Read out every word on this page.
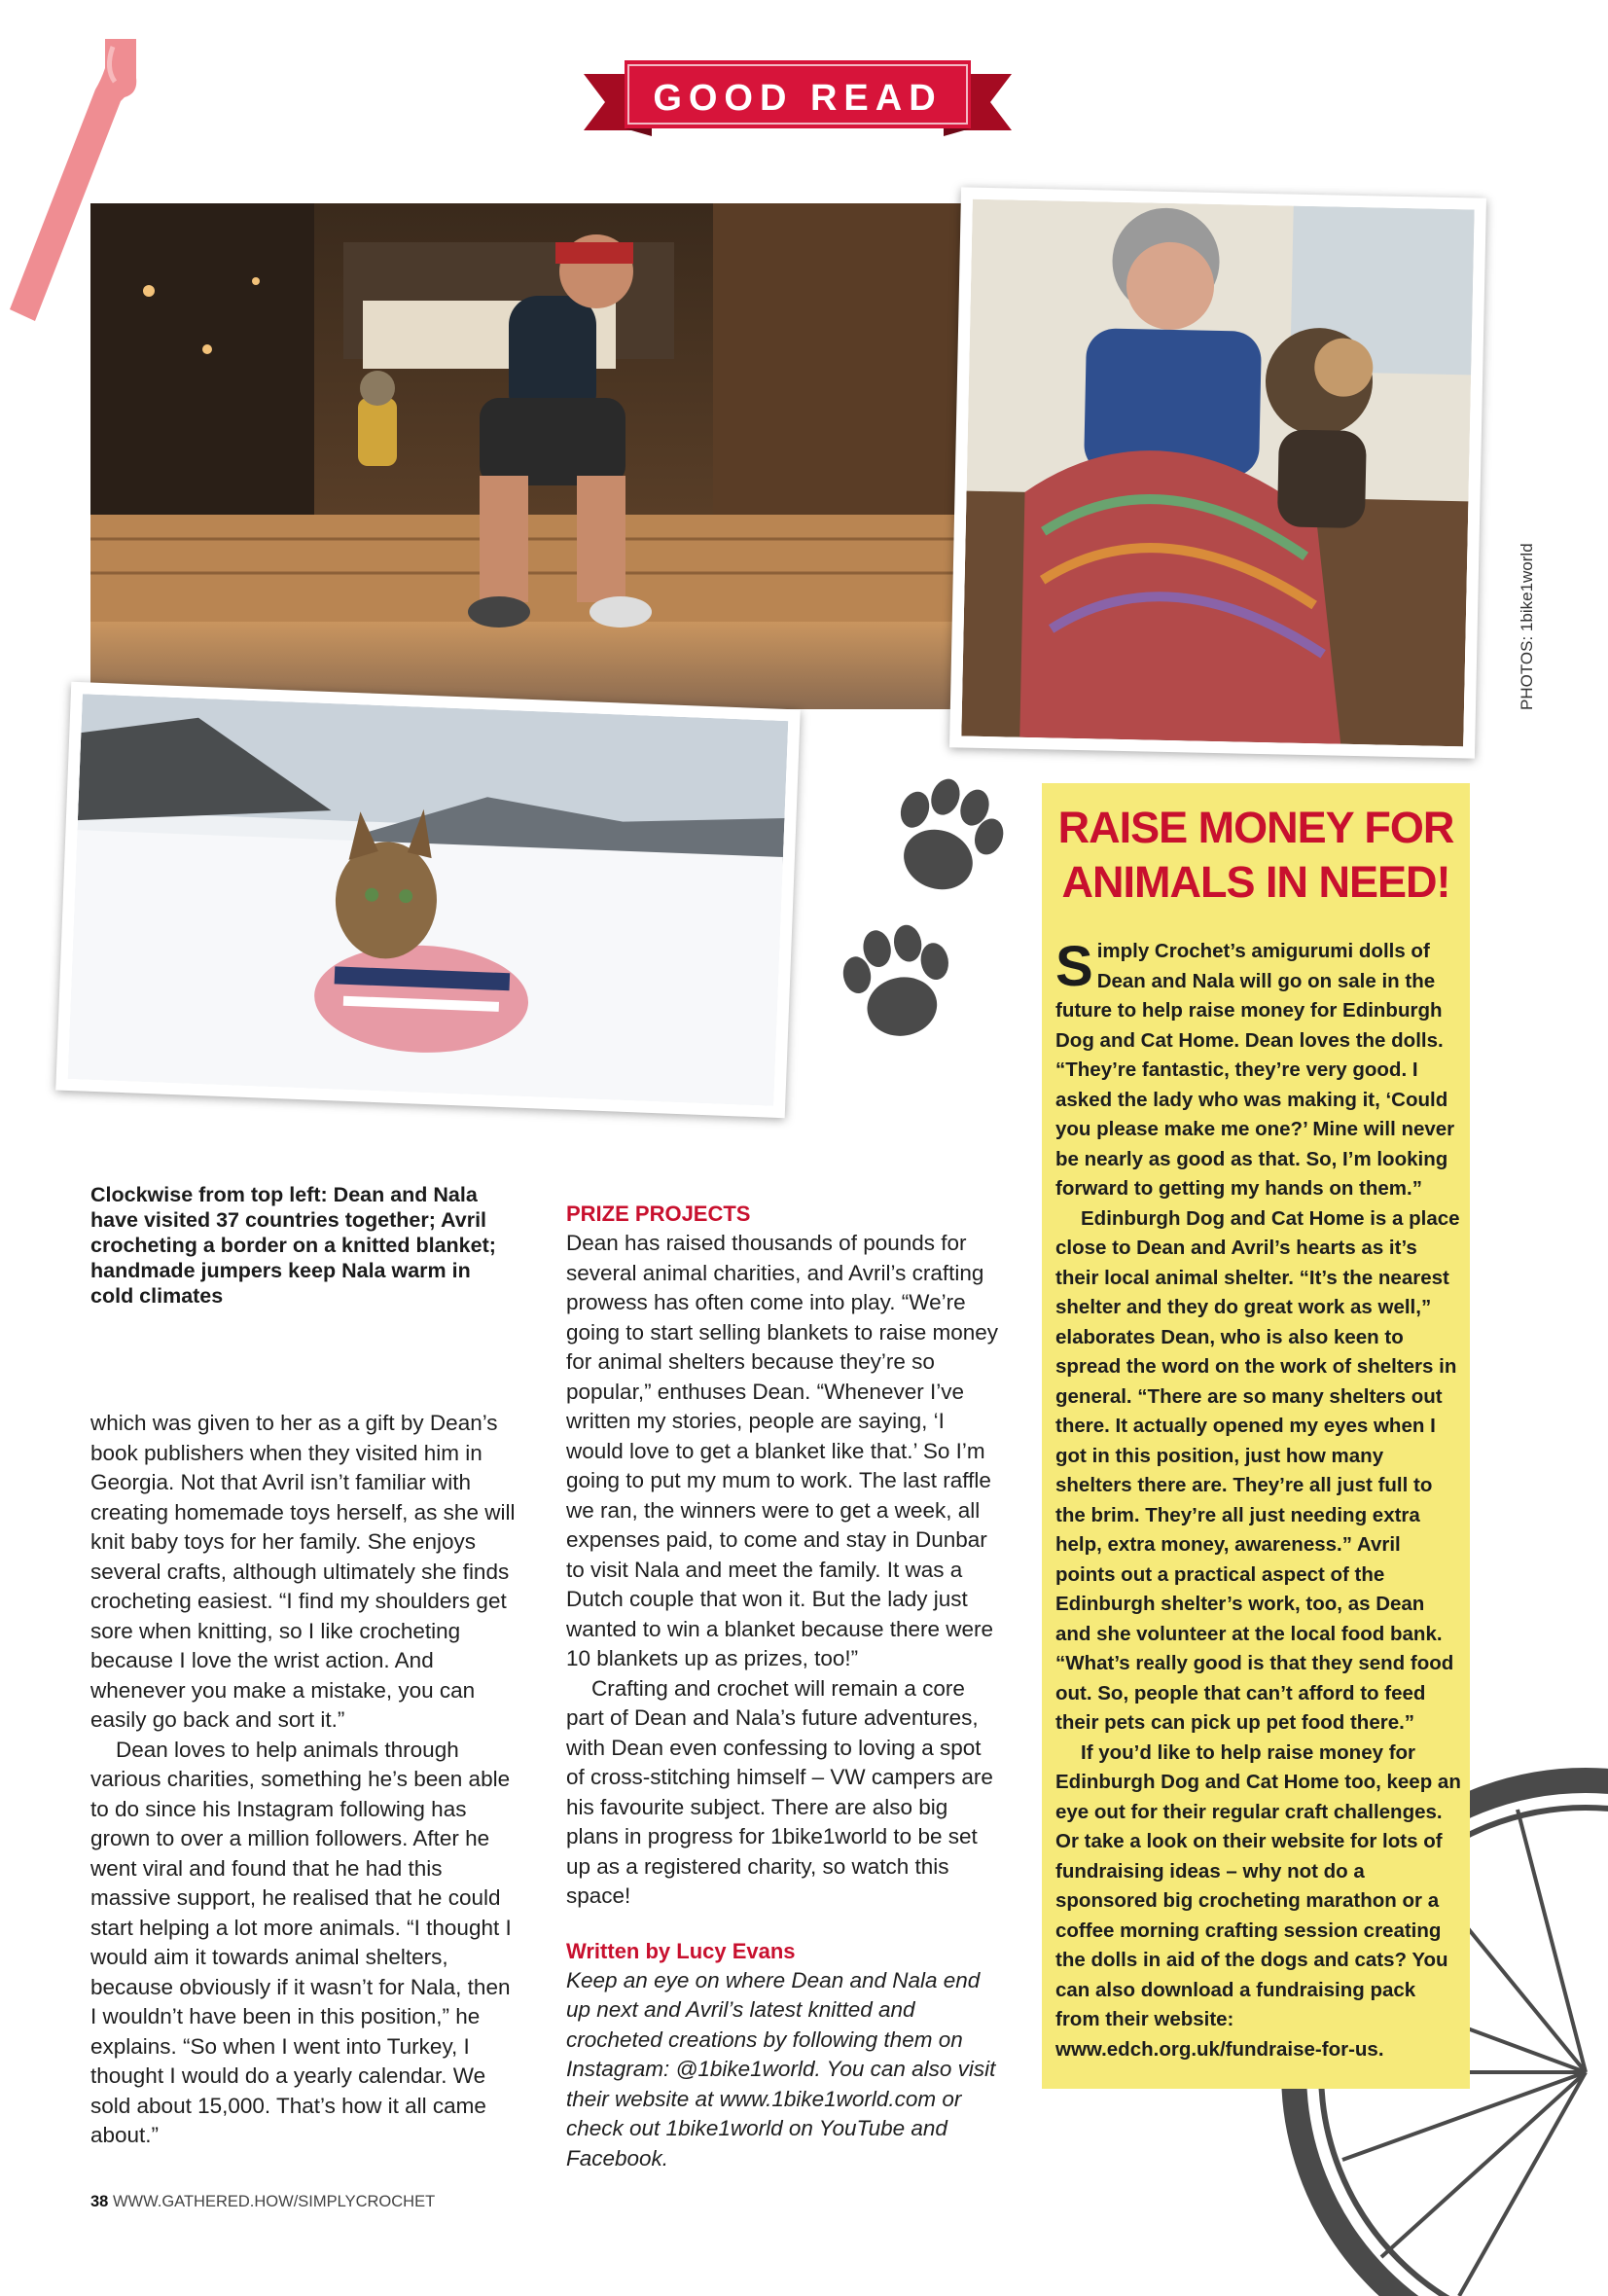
GOOD READ
PHOTOS: 1bike1world
Clockwise from top left: Dean and Nala have visited 37 countries together; Avril crocheting a border on a knitted blanket; handmade jumpers keep Nala warm in cold climates

which was given to her as a gift by Dean’s book publishers when they visited him in Georgia. Not that Avril isn’t familiar with creating homemade toys herself, as she will knit baby toys for her family. She enjoys several crafts, although ultimately she finds crocheting easiest. “I find my shoulders get sore when knitting, so I like crocheting because I love the wrist action. And whenever you make a mistake, you can easily go back and sort it.”

Dean loves to help animals through various charities, something he’s been able to do since his Instagram following has grown to over a million followers. After he went viral and found that he had this massive support, he realised that he could start helping a lot more animals. “I thought I would aim it towards animal shelters, because obviously if it wasn’t for Nala, then I wouldn’t have been in this position,” he explains. “So when I went into Turkey, I thought I would do a yearly calendar. We sold about 15,000. That’s how it all came about.”

PRIZE PROJECTS

Dean has raised thousands of pounds for several animal charities, and Avril’s crafting prowess has often come into play. “We’re going to start selling blankets to raise money for animal shelters because they’re so popular,” enthuses Dean. “Whenever I’ve written my stories, people are saying, ‘I would love to get a blanket like that.’ So I’m going to put my mum to work. The last raffle we ran, the winners were to get a week, all expenses paid, to come and stay in Dunbar to visit Nala and meet the family. It was a Dutch couple that won it. But the lady just wanted to win a blanket because there were 10 blankets up as prizes, too!”

Crafting and crochet will remain a core part of Dean and Nala’s future adventures, with Dean even confessing to loving a spot of cross-stitching himself – VW campers are his favourite subject. There are also big plans in progress for 1bike1world to be set up as a registered charity, so watch this space!

Written by Lucy Evans

Keep an eye on where Dean and Nala end up next and Avril’s latest knitted and crocheted creations by following them on Instagram: @1bike1world. You can also visit their website at www.1bike1world.com or check out 1bike1world on YouTube and Facebook.

RAISE MONEY FOR ANIMALS IN NEED!

Simply Crochet’s amigurumi dolls of Dean and Nala will go on sale in the future to help raise money for Edinburgh Dog and Cat Home. Dean loves the dolls. “They’re fantastic, they’re very good. I asked the lady who was making it, ‘Could you please make me one?’ Mine will never be nearly as good as that. So, I’m looking forward to getting my hands on them.”

Edinburgh Dog and Cat Home is a place close to Dean and Avril’s hearts as it’s their local animal shelter. “It’s the nearest shelter and they do great work as well,” elaborates Dean, who is also keen to spread the word on the work of shelters in general. “There are so many shelters out there. It actually opened my eyes when I got in this position, just how many shelters there are. They’re all just full to the brim. They’re all just needing extra help, extra money, awareness.” Avril points out a practical aspect of the Edinburgh shelter’s work, too, as Dean and she volunteer at the local food bank. “What’s really good is that they send food out. So, people that can’t afford to feed their pets can pick up pet food there.”

If you’d like to help raise money for Edinburgh Dog and Cat Home too, keep an eye out for their regular craft challenges. Or take a look on their website for lots of fundraising ideas – why not do a sponsored big crocheting marathon or a coffee morning crafting session creating the dolls in aid of the dogs and cats? You can also download a fundraising pack from their website: www.edch.org.uk/fundraise-for-us.

38 WWW.GATHERED.HOW/SIMPLYCROCHET
